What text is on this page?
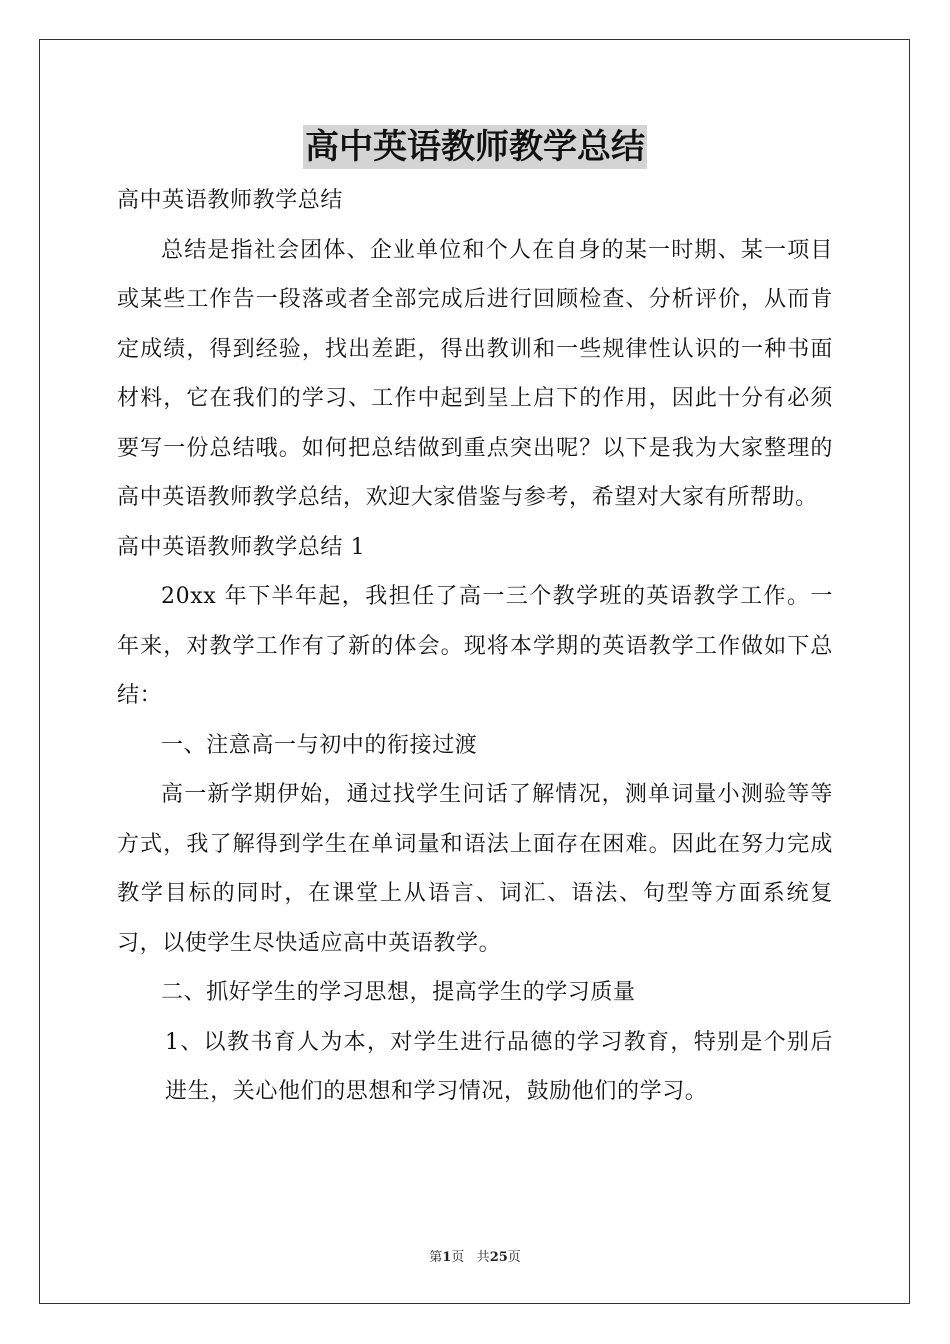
高中英语教师教学总结

高中英语教师教学总结

总结是指社会团体、企业单位和个人在自身的某一时期、某一项目或某些工作告一段落或者全部完成后进行回顾检查、分析评价，从而肯定成绩，得到经验，找出差距，得出教训和一些规律性认识的一种书面材料，它在我们的学习、工作中起到呈上启下的作用，因此十分有必须要写一份总结哦。如何把总结做到重点突出呢？以下是我为大家整理的高中英语教师教学总结，欢迎大家借鉴与参考，希望对大家有所帮助。

高中英语教师教学总结 1

20xx 年下半年起，我担任了高一三个教学班的英语教学工作。一年来，对教学工作有了新的体会。现将本学期的英语教学工作做如下总结：

一、注意高一与初中的衔接过渡

高一新学期伊始，通过找学生问话了解情况，测单词量小测验等等方式，我了解得到学生在单词量和语法上面存在困难。因此在努力完成教学目标的同时，在课堂上从语言、词汇、语法、句型等方面系统复习，以使学生尽快适应高中英语教学。

二、抓好学生的学习思想，提高学生的学习质量

1、以教书育人为本，对学生进行品德的学习教育，特别是个别后进生，关心他们的思想和学习情况，鼓励他们的学习。

第1页 共25页
